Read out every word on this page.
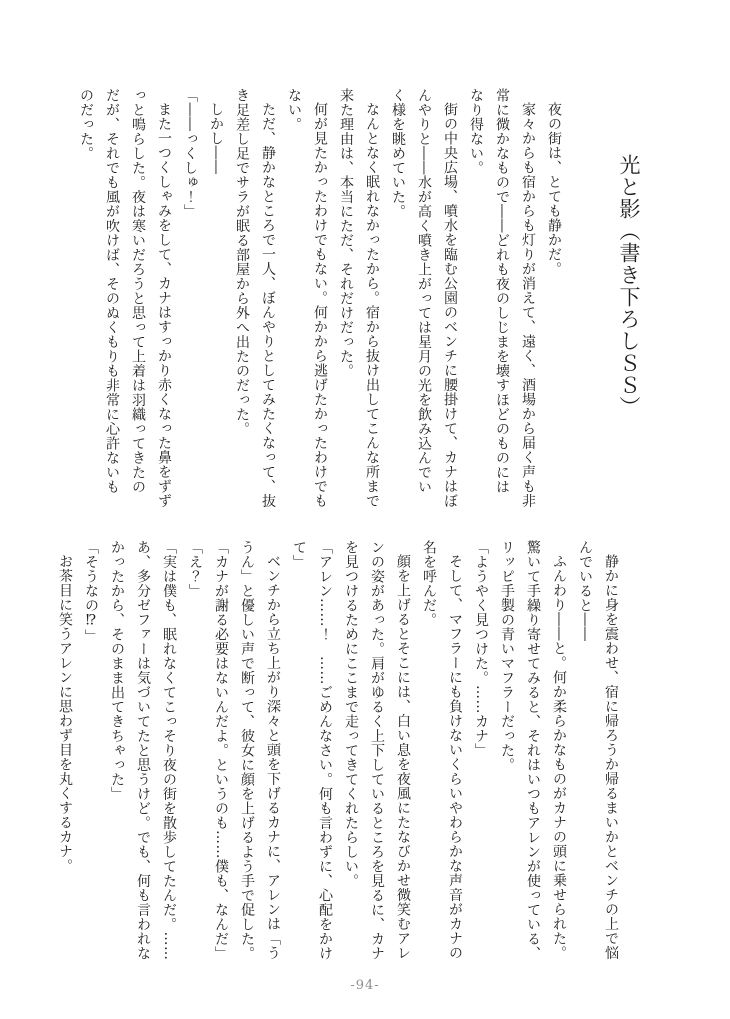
光と影（書き下ろしＳＳ）

夜の街は、とても静かだ。

家々からも宿からも灯りが消えて、遠く、酒場から届く声も非常に微かなもので――どれも夜のしじまを壊すほどのものにはなり得ない。

街の中央広場、噴水を臨む公園のベンチに腰掛けて、カナはぼんやりと――水が高く噴き上がっては星月の光を飲み込んでいく様を眺めていた。

なんとなく眠れなかったから。宿から抜け出してこんな所まで来た理由は、本当にただ、それだけだった。

何が見たかったわけでもない。何かから逃げたかったわけでもない。

ただ、静かなところで一人、ぼんやりとしてみたくなって、抜き足差し足でサラが眠る部屋から外へ出たのだった。

しかし――

「――っくしゅ！」

また一つくしゃみをして、カナはすっかり赤くなった鼻をずずっと鳴らした。夜は寒いだろうと思って上着は羽織ってきたのだが、それでも風が吹けば、そのぬくもりも非常に心許ないものだった。

静かに身を震わせ、宿に帰ろうか帰るまいかとベンチの上で悩んでいると――

ふんわり――と。何か柔らかなものがカナの頭に乗せられた。驚いて手繰り寄せてみると、それはいつもアレンが使っている、リッピ手製の青いマフラーだった。

「ようやく見つけた。……カナ」

そして、マフラーにも負けないくらいやわらかな声音がカナの名を呼んだ。

顔を上げるとそこには、白い息を夜風にたなびかせ微笑むアレンの姿があった。肩がゆるく上下しているところを見るに、カナを見つけるためにここまで走ってきてくれたらしい。

「アレン……！　……ごめんなさい。何も言わずに、心配をかけて」

ベンチから立ち上がり深々と頭を下げるカナに、アレンは「ううん」と優しい声で断って、彼女に顔を上げるよう手で促した。

「カナが謝る必要はないんだよ。というのも……僕も、なんだ」

「え？」

「実は僕も、眠れなくてこっそり夜の街を散歩してたんだ。……あ、多分ゼファーは気づいてたと思うけど。でも、何も言われなかったから、そのまま出てきちゃった」

「そうなの⁉」

お茶目に笑うアレンに思わず目を丸くするカナ。

-94-
